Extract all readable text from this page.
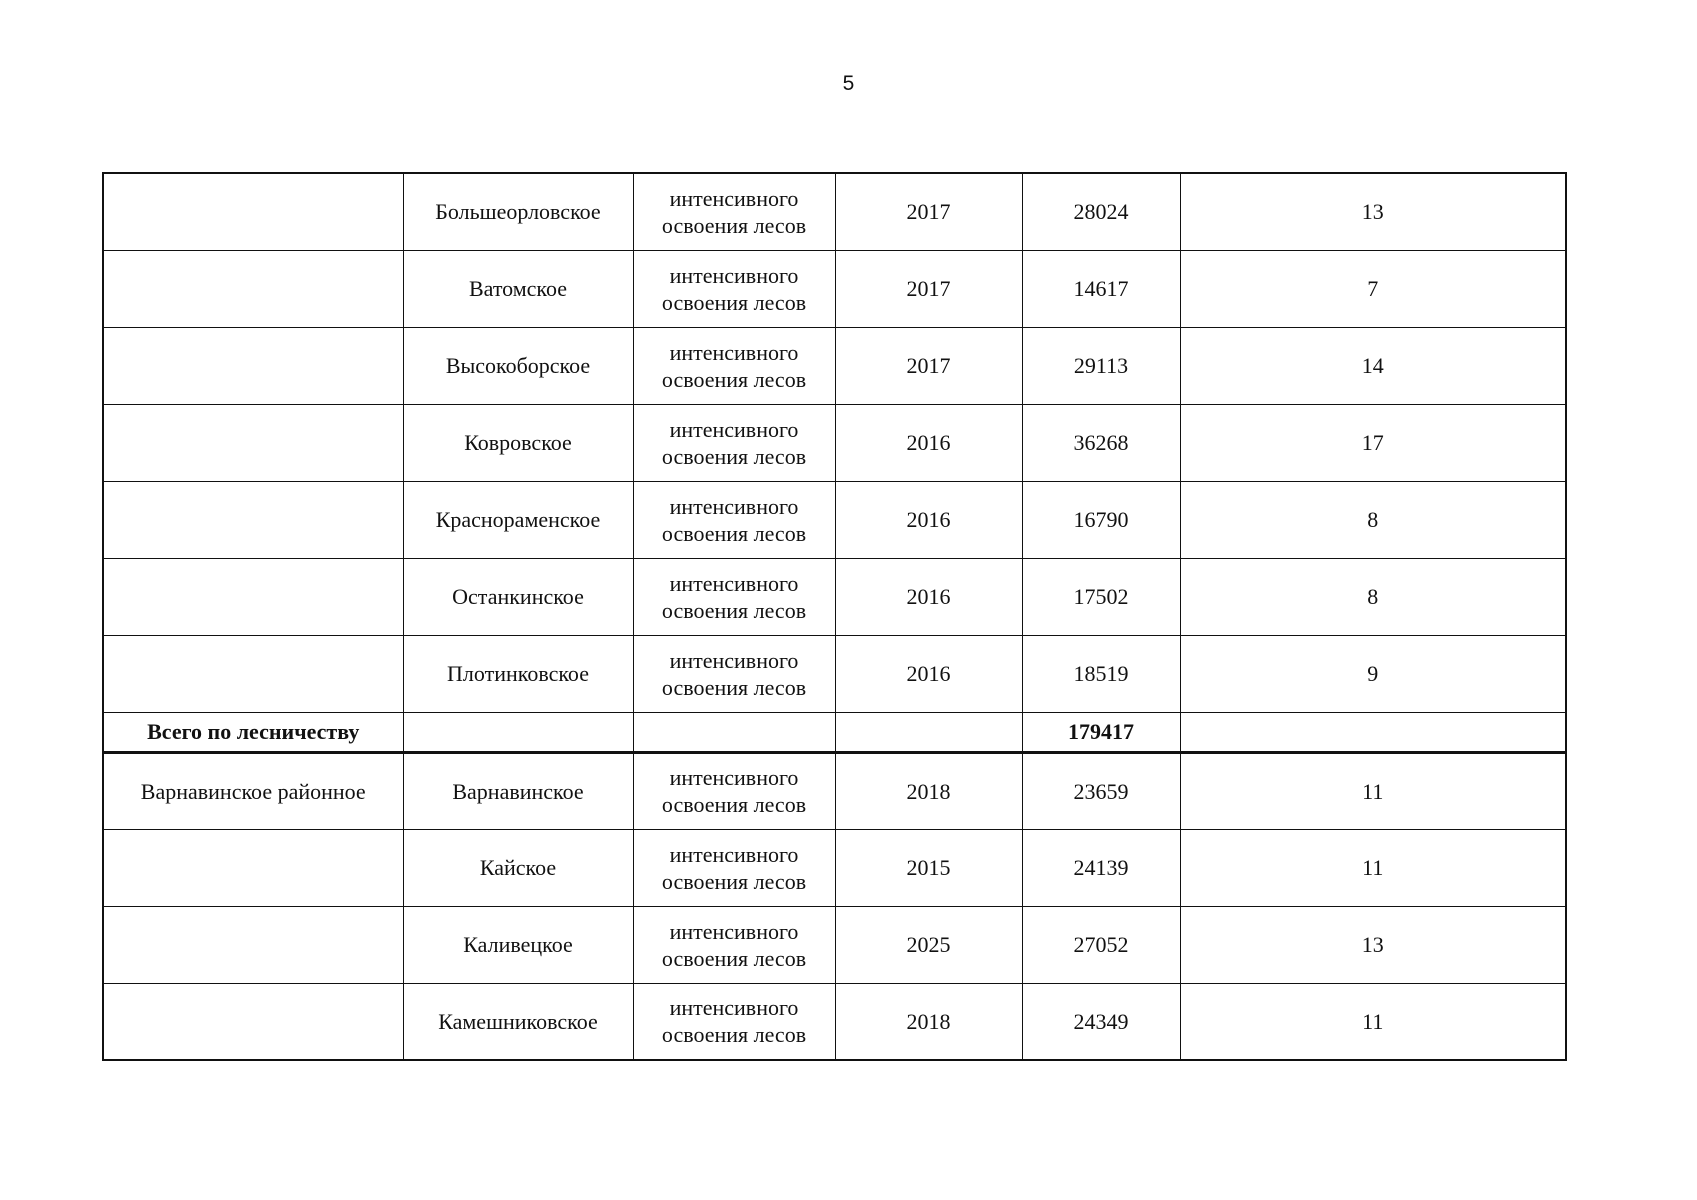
5
	Большеорловское	интенсивного
освоения лесов	2017	28024	13
	Ватомское	интенсивного
освоения лесов	2017	14617	7
	Высокоборское	интенсивного
освоения лесов	2017	29113	14
	Ковровское	интенсивного
освоения лесов	2016	36268	17
	Краснораменское	интенсивного
освоения лесов	2016	16790	8
	Останкинское	интенсивного
освоения лесов	2016	17502	8
	Плотинковское	интенсивного
освоения лесов	2016	18519	9
Всего по лесничеству				179417	
Варнавинское районное	Варнавинское	интенсивного
освоения лесов	2018	23659	11
	Кайское	интенсивного
освоения лесов	2015	24139	11
	Каливецкое	интенсивного
освоения лесов	2025	27052	13
	Камешниковское	интенсивного
освоения лесов	2018	24349	11
